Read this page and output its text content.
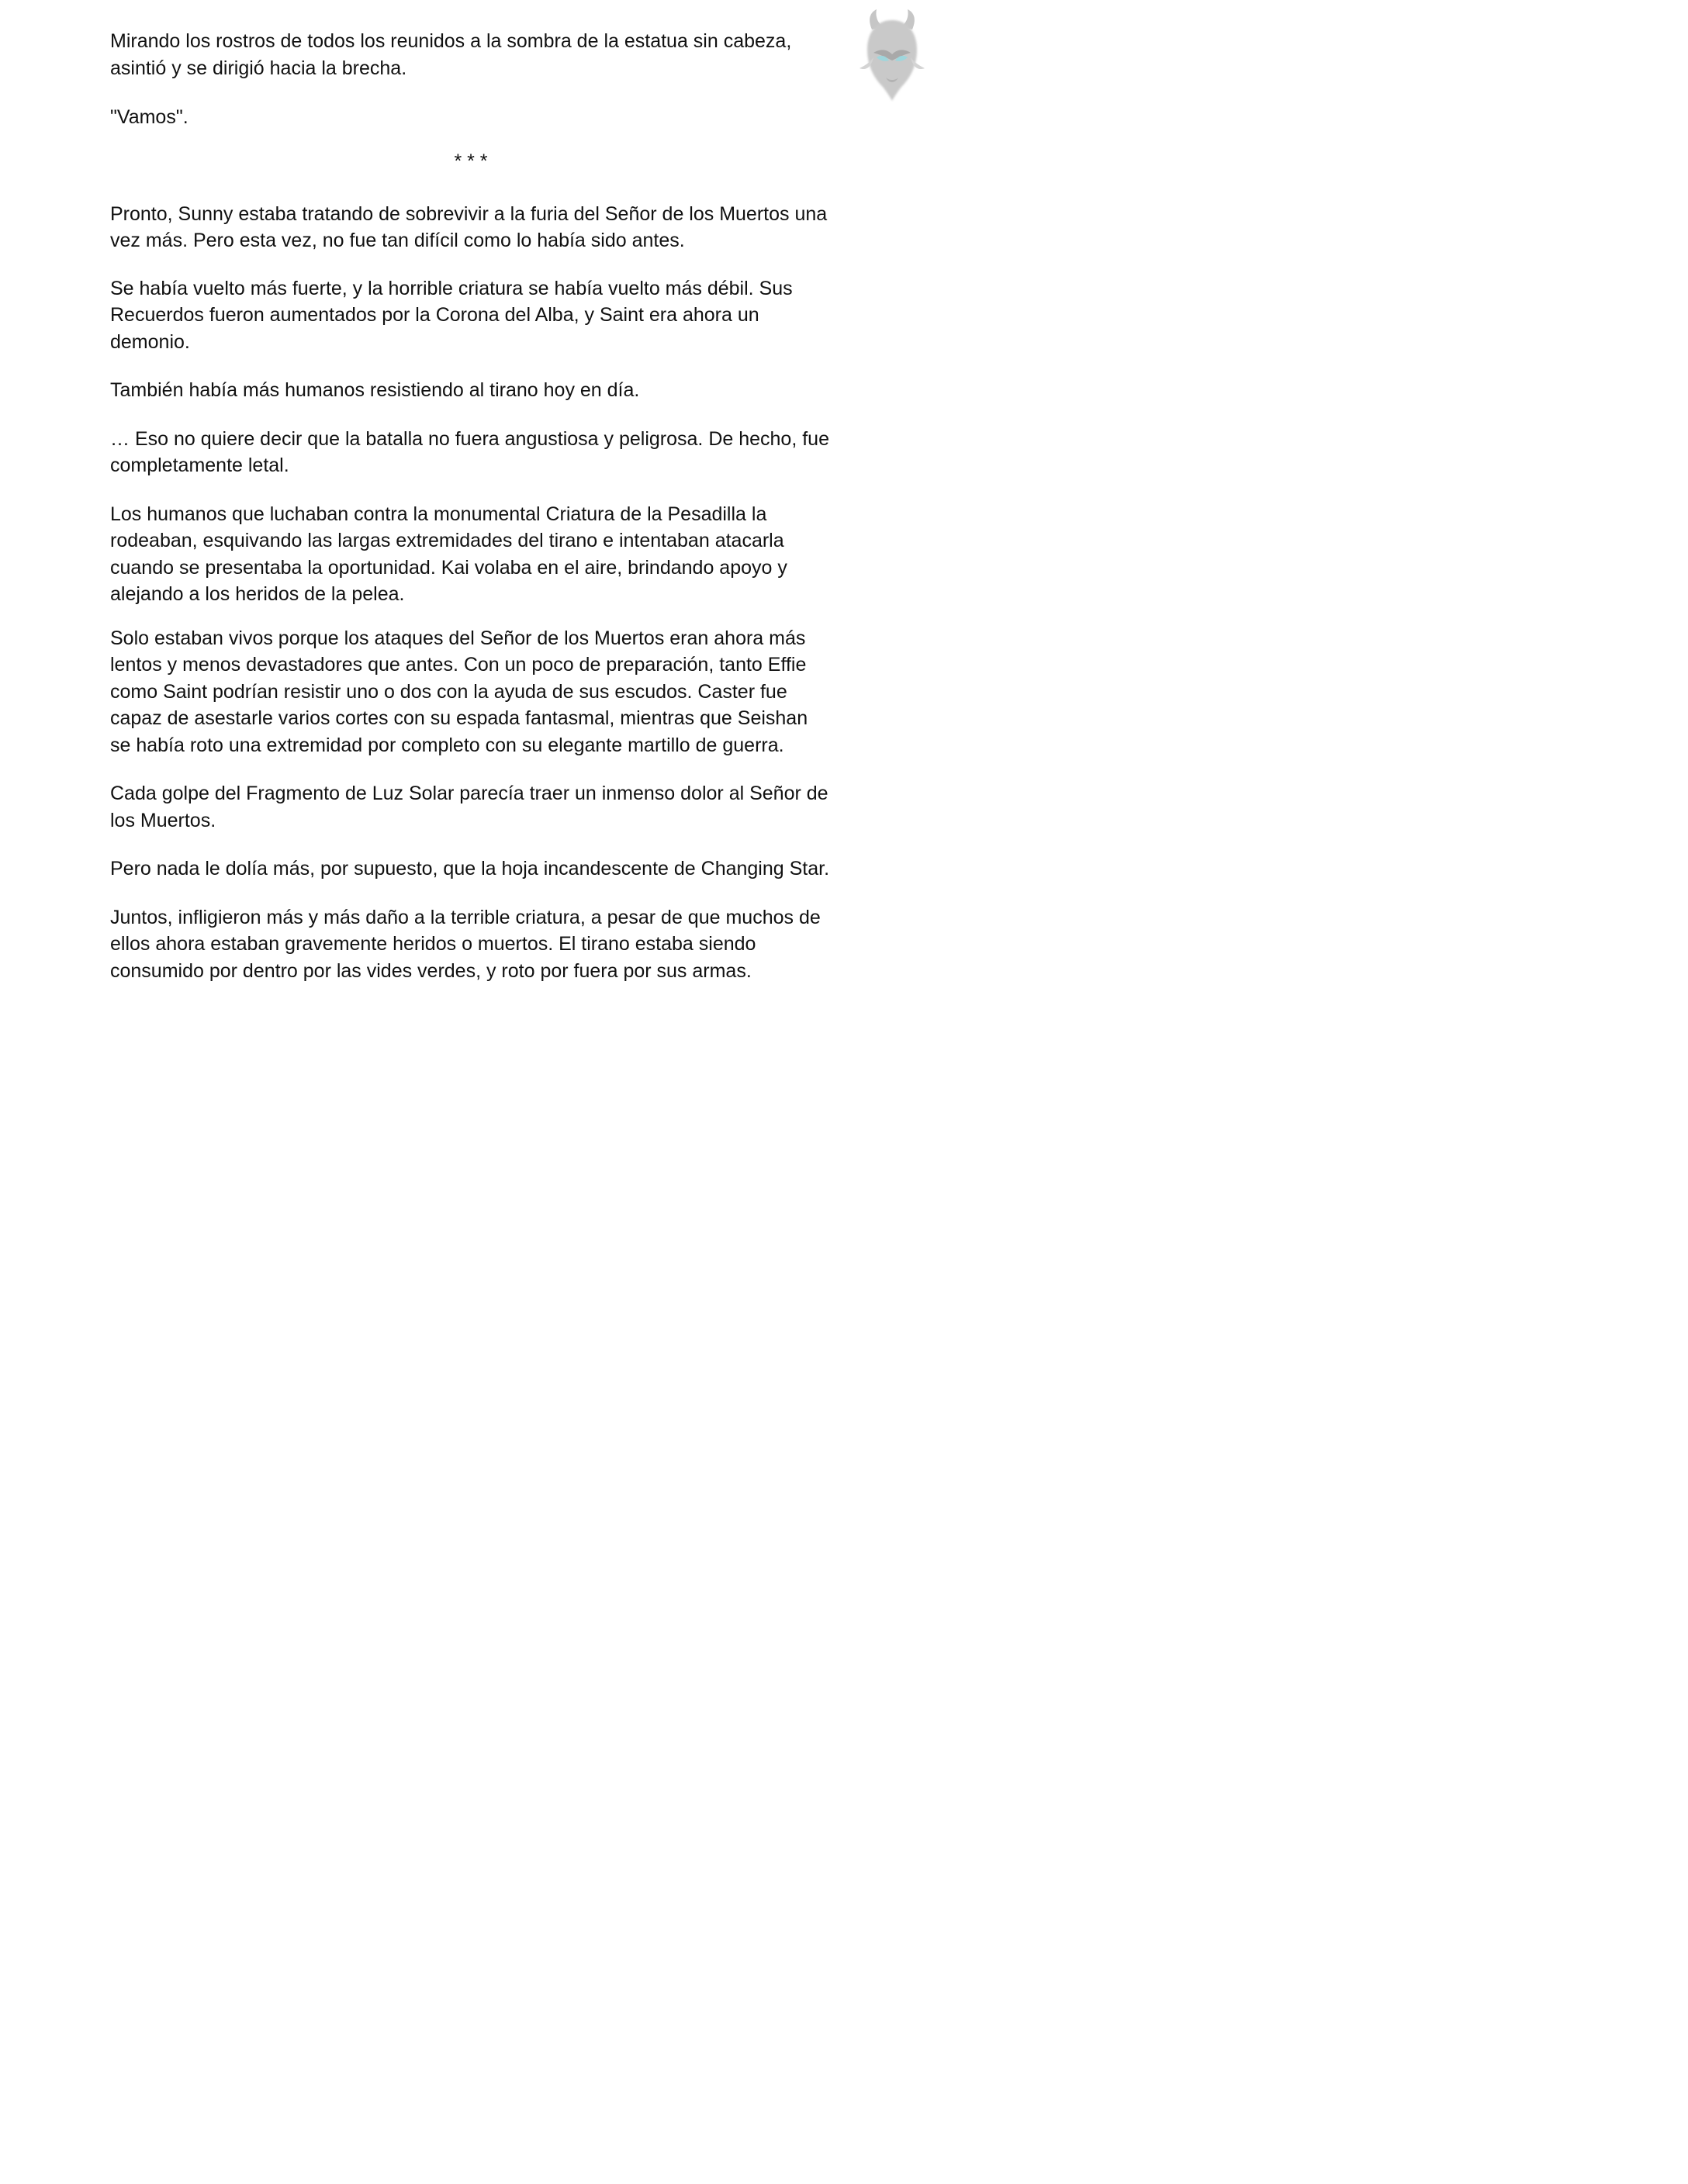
Mirando los rostros de todos los reunidos a la sombra de la estatua sin cabeza, asintió y se dirigió hacia la brecha.

"Vamos".

* * *

Pronto, Sunny estaba tratando de sobrevivir a la furia del Señor de los Muertos una vez más. Pero esta vez, no fue tan difícil como lo había sido antes.

Se había vuelto más fuerte, y la horrible criatura se había vuelto más débil. Sus Recuerdos fueron aumentados por la Corona del Alba, y Saint era ahora un demonio.

También había más humanos resistiendo al tirano hoy en día.

… Eso no quiere decir que la batalla no fuera angustiosa y peligrosa. De hecho, fue completamente letal.

Los humanos que luchaban contra la monumental Criatura de la Pesadilla la rodeaban, esquivando las largas extremidades del tirano e intentaban atacarla cuando se presentaba la oportunidad. Kai volaba en el aire, brindando apoyo y alejando a los heridos de la pelea.

Solo estaban vivos porque los ataques del Señor de los Muertos eran ahora más lentos y menos devastadores que antes. Con un poco de preparación, tanto Effie como Saint podrían resistir uno o dos con la ayuda de sus escudos. Caster fue capaz de asestarle varios cortes con su espada fantasmal, mientras que Seishan se había roto una extremidad por completo con su elegante martillo de guerra.

Cada golpe del Fragmento de Luz Solar parecía traer un inmenso dolor al Señor de los Muertos.

Pero nada le dolía más, por supuesto, que la hoja incandescente de Changing Star.

Juntos, infligieron más y más daño a la terrible criatura, a pesar de que muchos de ellos ahora estaban gravemente heridos o muertos. El tirano estaba siendo consumido por dentro por las vides verdes, y roto por fuera por sus armas.
